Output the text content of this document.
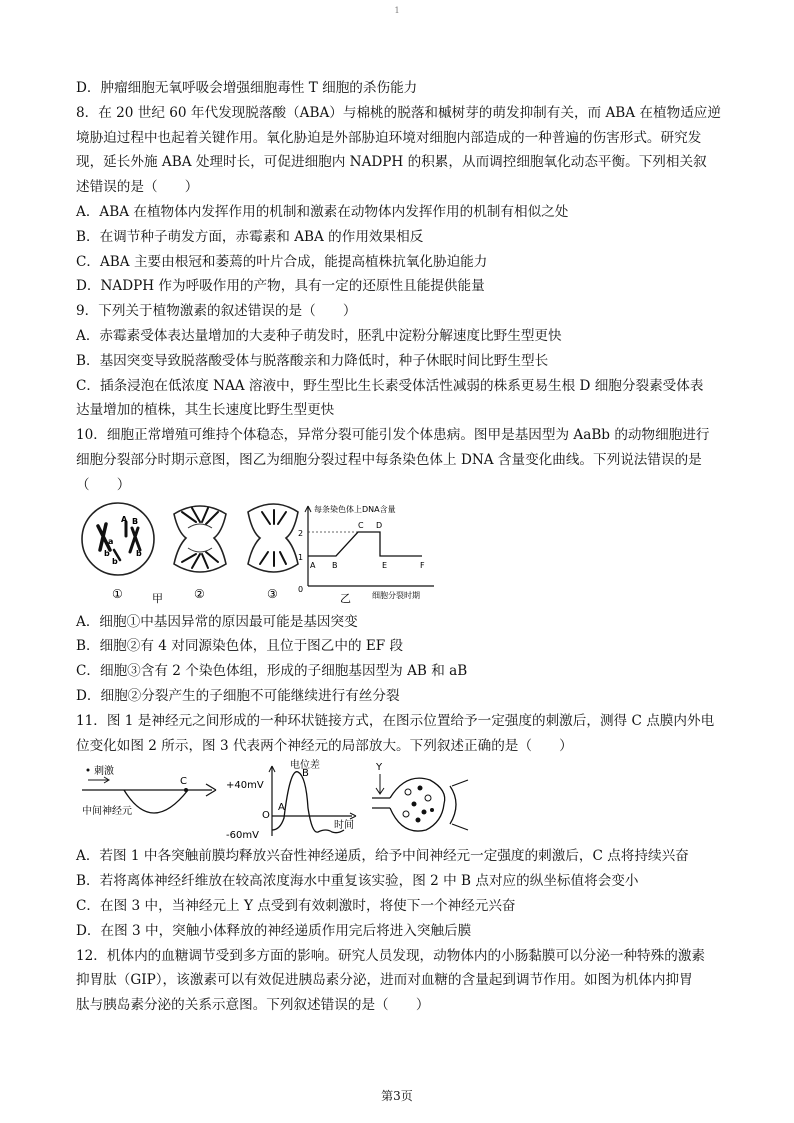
1
D．肿瘤细胞无氧呼吸会增强细胞毒性 T 细胞的杀伤能力
8．在 20 世纪 60 年代发现脱落酸（ABA）与棉桃的脱落和槭树芽的萌发抑制有关，而 ABA 在植物适应逆
境胁迫过程中也起着关键作用。氧化胁迫是外部胁迫环境对细胞内部造成的一种普遍的伤害形式。研究发
现，延长外施 ABA 处理时长，可促进细胞内 NADPH 的积累，从而调控细胞氧化动态平衡。下列相关叙
述错误的是（　　）
A．ABA 在植物体内发挥作用的机制和激素在动物体内发挥作用的机制有相似之处
B．在调节种子萌发方面，赤霉素和 ABA 的作用效果相反
C．ABA 主要由根冠和萎蔫的叶片合成，能提高植株抗氧化胁迫能力
D．NADPH 作为呼吸作用的产物，具有一定的还原性且能提供能量
9．下列关于植物激素的叙述错误的是（　　）
A．赤霉素受体表达量增加的大麦种子萌发时，胚乳中淀粉分解速度比野生型更快
B．基因突变导致脱落酸受体与脱落酸亲和力降低时，种子休眠时间比野生型长
C．插条浸泡在低浓度 NAA 溶液中，野生型比生长素受体活性减弱的株系更易生根 D 细胞分裂素受体表
达量增加的植株，其生长速度比野生型更快
10．细胞正常增殖可维持个体稳态，异常分裂可能引发个体患病。图甲是基因型为 AaBb 的动物细胞进行
细胞分裂部分时期示意图，图乙为细胞分裂过程中每条染色体上 DNA 含量变化曲线。下列说法错误的是
（　　）
A
a
B
b
b
b
①	②	③
甲
每条染色体上DNA含量
2
1
0
A B
C D
E	F
细胞分裂时期
乙
A．细胞①中基因异常的原因最可能是基因突变
B．细胞②有 4 对同源染色体，且位于图乙中的 EF 段
C．细胞③含有 2 个染色体组，形成的子细胞基因型为 AB 和 aB
D．细胞②分裂产生的子细胞不可能继续进行有丝分裂
11．图 1 是神经元之间形成的一种环状链接方式，在图示位置给予一定强度的刺激后，测得 C 点膜内外电
位变化如图 2 所示，图 3 代表两个神经元的局部放大。下列叙述正确的是（　　）
刺激
C
中间神经元
电位差
+40mV
O
-60mV
时间
A
B
Y
A．若图 1 中各突触前膜均释放兴奋性神经递质，给予中间神经元一定强度的刺激后，C 点将持续兴奋
B．若将离体神经纤维放在较高浓度海水中重复该实验，图 2 中 B 点对应的纵坐标值将会变小
C．在图 3 中，当神经元上 Y 点受到有效刺激时，将使下一个神经元兴奋
D．在图 3 中，突触小体释放的神经递质作用完后将进入突触后膜
12．机体内的血糖调节受到多方面的影响。研究人员发现，动物体内的小肠黏膜可以分泌一种特殊的激素
抑胃肽（GIP），该激素可以有效促进胰岛素分泌，进而对血糖的含量起到调节作用。如图为机体内抑胃
肽与胰岛素分泌的关系示意图。下列叙述错误的是（　　）
第3页
